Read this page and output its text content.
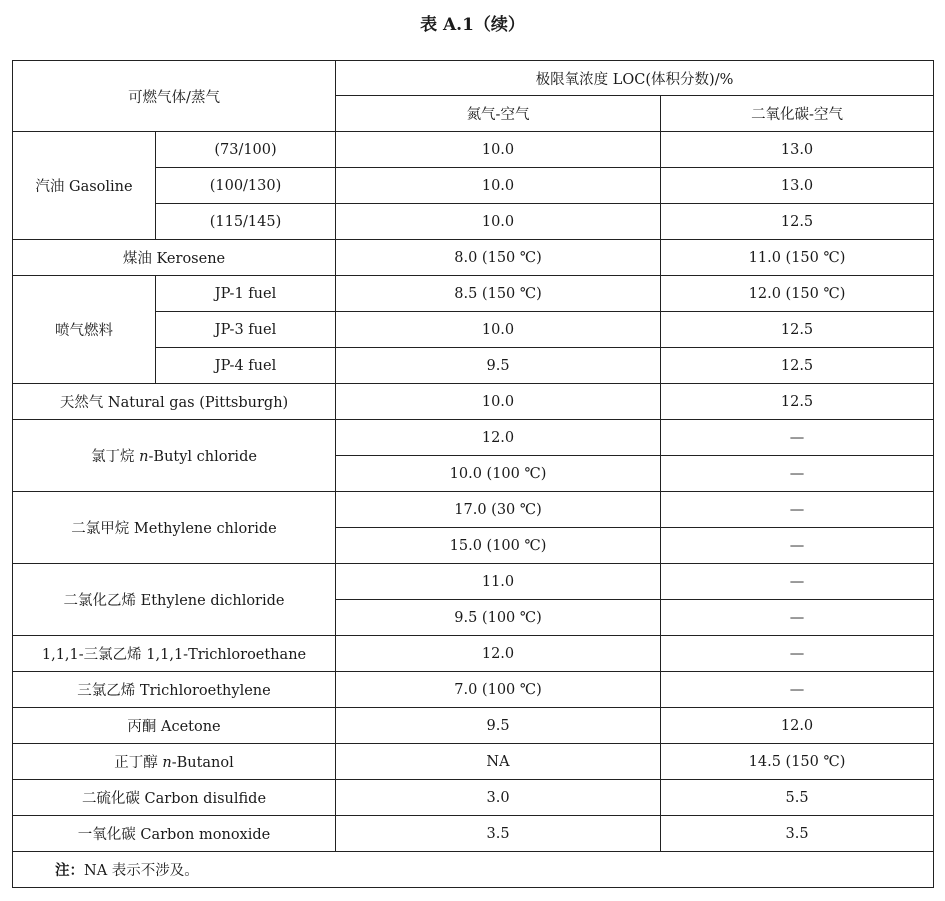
表 A.1（续）
可燃气体/蒸气		极限氧浓度 LOC(体积分数)/%	
		氮气-空气	二氧化碳-空气
汽油 Gasoline	(73/100)	10.0	13.0
	(100/130)	10.0	13.0
	(115/145)	10.0	12.5
煤油 Kerosene		8.0 (150 ℃)	11.0 (150 ℃)
喷气燃料	JP-1 fuel	8.5 (150 ℃)	12.0 (150 ℃)
	JP-3 fuel	10.0	12.5
	JP-4 fuel	9.5	12.5
天然气 Natural gas (Pittsburgh)		10.0	12.5
氯丁烷 n-Butyl chloride		12.0	—
		10.0 (100 ℃)	—
二氯甲烷 Methylene chloride		17.0 (30 ℃)	—
		15.0 (100 ℃)	—
二氯化乙烯 Ethylene dichloride		11.0	—
		9.5 (100 ℃)	—
1,1,1-三氯乙烯 1,1,1-Trichloroethane		12.0	—
三氯乙烯 Trichloroethylene		7.0 (100 ℃)	—
丙酮 Acetone		9.5	12.0
正丁醇 n-Butanol		NA	14.5 (150 ℃)
二硫化碳 Carbon disulfide		3.0	5.5
一氧化碳 Carbon monoxide		3.5	3.5
注：NA 表示不涉及。			
